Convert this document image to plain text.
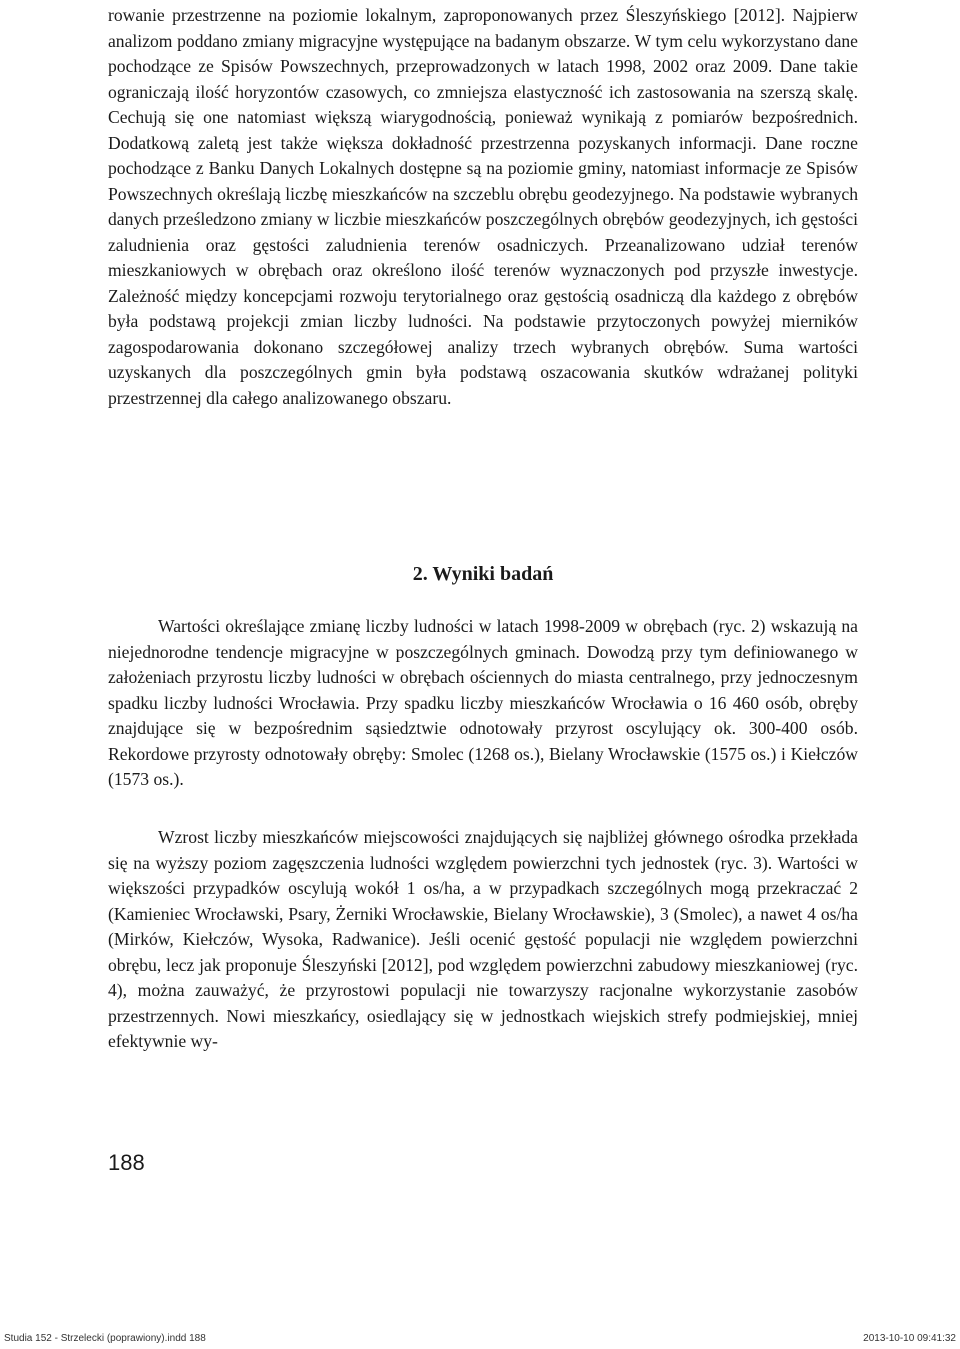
rowanie przestrzenne na poziomie lokalnym, zaproponowanych przez Śleszyńskiego [2012]. Najpierw analizom poddano zmiany migracyjne występujące na badanym obszarze. W tym celu wykorzystano dane pochodzące ze Spisów Powszechnych, przeprowadzonych w latach 1998, 2002 oraz 2009. Dane takie ograniczają ilość horyzontów czasowych, co zmniejsza elastyczność ich zastosowania na szerszą skalę. Cechują się one natomiast większą wiarygodnością, ponieważ wynikają z pomiarów bezpośrednich. Dodatkową zaletą jest także większa dokładność przestrzenna pozyskanych informacji. Dane roczne pochodzące z Banku Danych Lokalnych dostępne są na poziomie gminy, natomiast informacje ze Spisów Powszechnych określają liczbę mieszkańców na szczeblu obrębu geodezyjnego. Na podstawie wybranych danych prześledzono zmiany w liczbie mieszkańców poszczególnych obrębów geodezyjnych, ich gęstości zaludnienia oraz gęstości zaludnienia terenów osadniczych. Przeanalizowano udział terenów mieszkaniowych w obrębach oraz określono ilość terenów wyznaczonych pod przyszłe inwestycje. Zależność między koncepcjami rozwoju terytorialnego oraz gęstością osadniczą dla każdego z obrębów była podstawą projekcji zmian liczby ludności. Na podstawie przytoczonych powyżej mierników zagospodarowania dokonano szczegółowej analizy trzech wybranych obrębów. Suma wartości uzyskanych dla poszczególnych gmin była podstawą oszacowania skutków wdrażanej polityki przestrzennej dla całego analizowanego obszaru.

2. Wyniki badań

Wartości określające zmianę liczby ludności w latach 1998-2009 w obrębach (ryc. 2) wskazują na niejednorodne tendencje migracyjne w poszczególnych gminach. Dowodzą przy tym definiowanego w założeniach przyrostu liczby ludności w obrębach ościennych do miasta centralnego, przy jednoczesnym spadku liczby ludności Wrocławia. Przy spadku liczby mieszkańców Wrocławia o 16 460 osób, obręby znajdujące się w bezpośrednim sąsiedztwie odnotowały przyrost oscylujący ok. 300-400 osób. Rekordowe przyrosty odnotowały obręby: Smolec (1268 os.), Bielany Wrocławskie (1575 os.) i Kiełczów (1573 os.).

Wzrost liczby mieszkańców miejscowości znajdujących się najbliżej głównego ośrodka przekłada się na wyższy poziom zagęszczenia ludności względem powierzchni tych jednostek (ryc. 3). Wartości w większości przypadków oscylują wokół 1 os/ha, a w przypadkach szczególnych mogą przekraczać 2 (Kamieniec Wrocławski, Psary, Żerniki Wrocławskie, Bielany Wrocławskie), 3 (Smolec), a nawet 4 os/ha (Mirków, Kiełczów, Wysoka, Radwanice). Jeśli ocenić gęstość populacji nie względem powierzchni obrębu, lecz jak proponuje Śleszyński [2012], pod względem powierzchni zabudowy mieszkaniowej (ryc. 4), można zauważyć, że przyrostowi populacji nie towarzyszy racjonalne wykorzystanie zasobów przestrzennych. Nowi mieszkańcy, osiedlający się w jednostkach wiejskich strefy podmiejskiej, mniej efektywnie wy-

188

Studia 152 - Strzelecki (poprawiony).indd 188	2013-10-10 09:41:32
